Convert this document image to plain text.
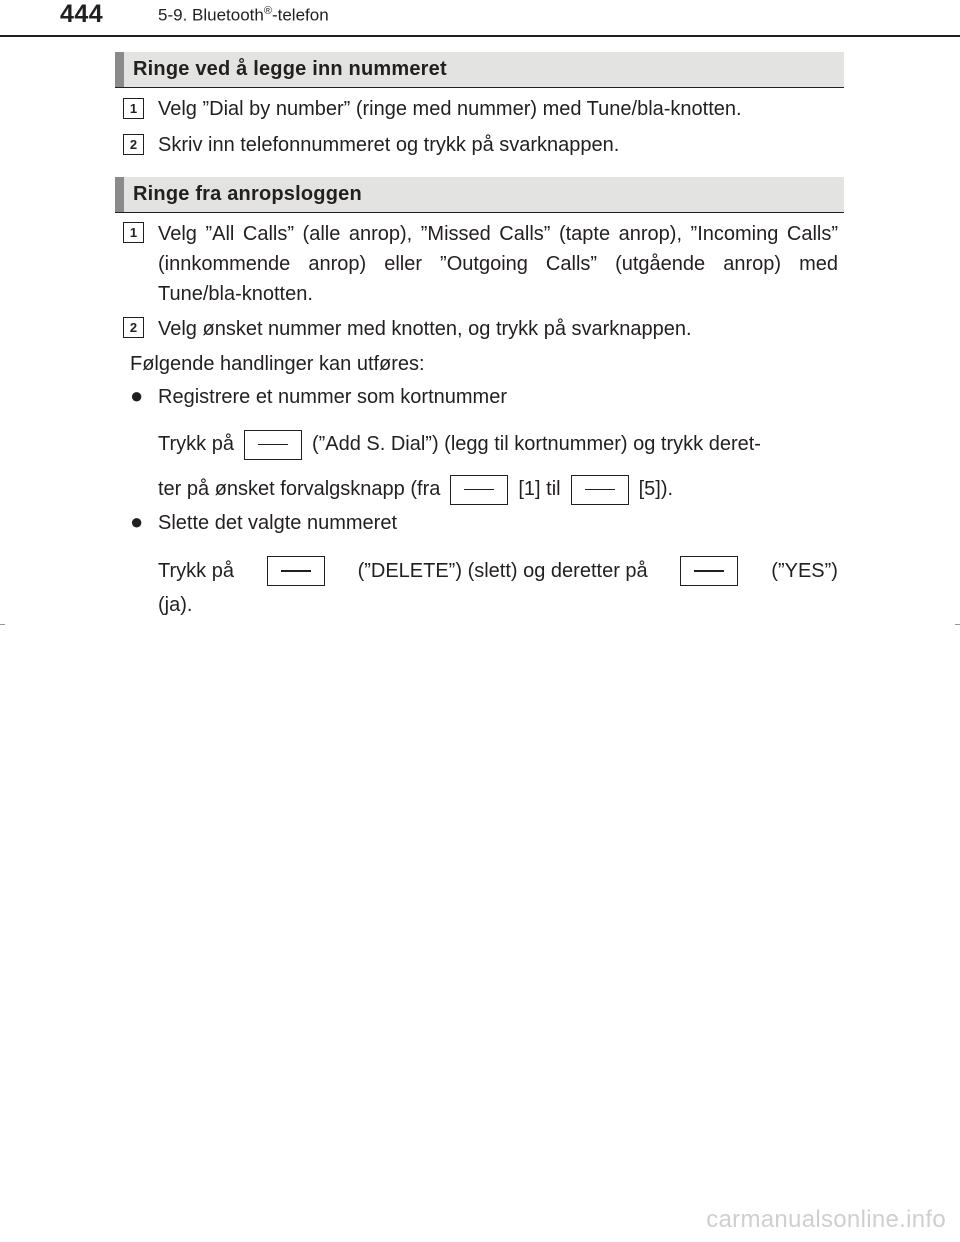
444	5-9. Bluetooth®-telefon
Ringe ved å legge inn nummeret
1	Velg ”Dial by number” (ringe med nummer) med Tune/bla-knotten.
2	Skriv inn telefonnummeret og trykk på svarknappen.
Ringe fra anropsloggen
1	Velg ”All Calls” (alle anrop), ”Missed Calls” (tapte anrop), ”Incoming Calls” (innkommende anrop) eller ”Outgoing Calls” (utgående anrop) med Tune/bla-knotten.
2	Velg ønsket nummer med knotten, og trykk på svarknappen.
Følgende handlinger kan utføres:
● Registrere et nummer som kortnummer
Trykk på	(”Add S. Dial”) (legg til kortnummer) og trykk deret-
ter på ønsket forvalgsknapp (fra	[1] til	[5]).
● Slette det valgte nummeret
Trykk på	(”DELETE”) (slett) og deretter på	(”YES”)
(ja).
carmanualsonline.info
